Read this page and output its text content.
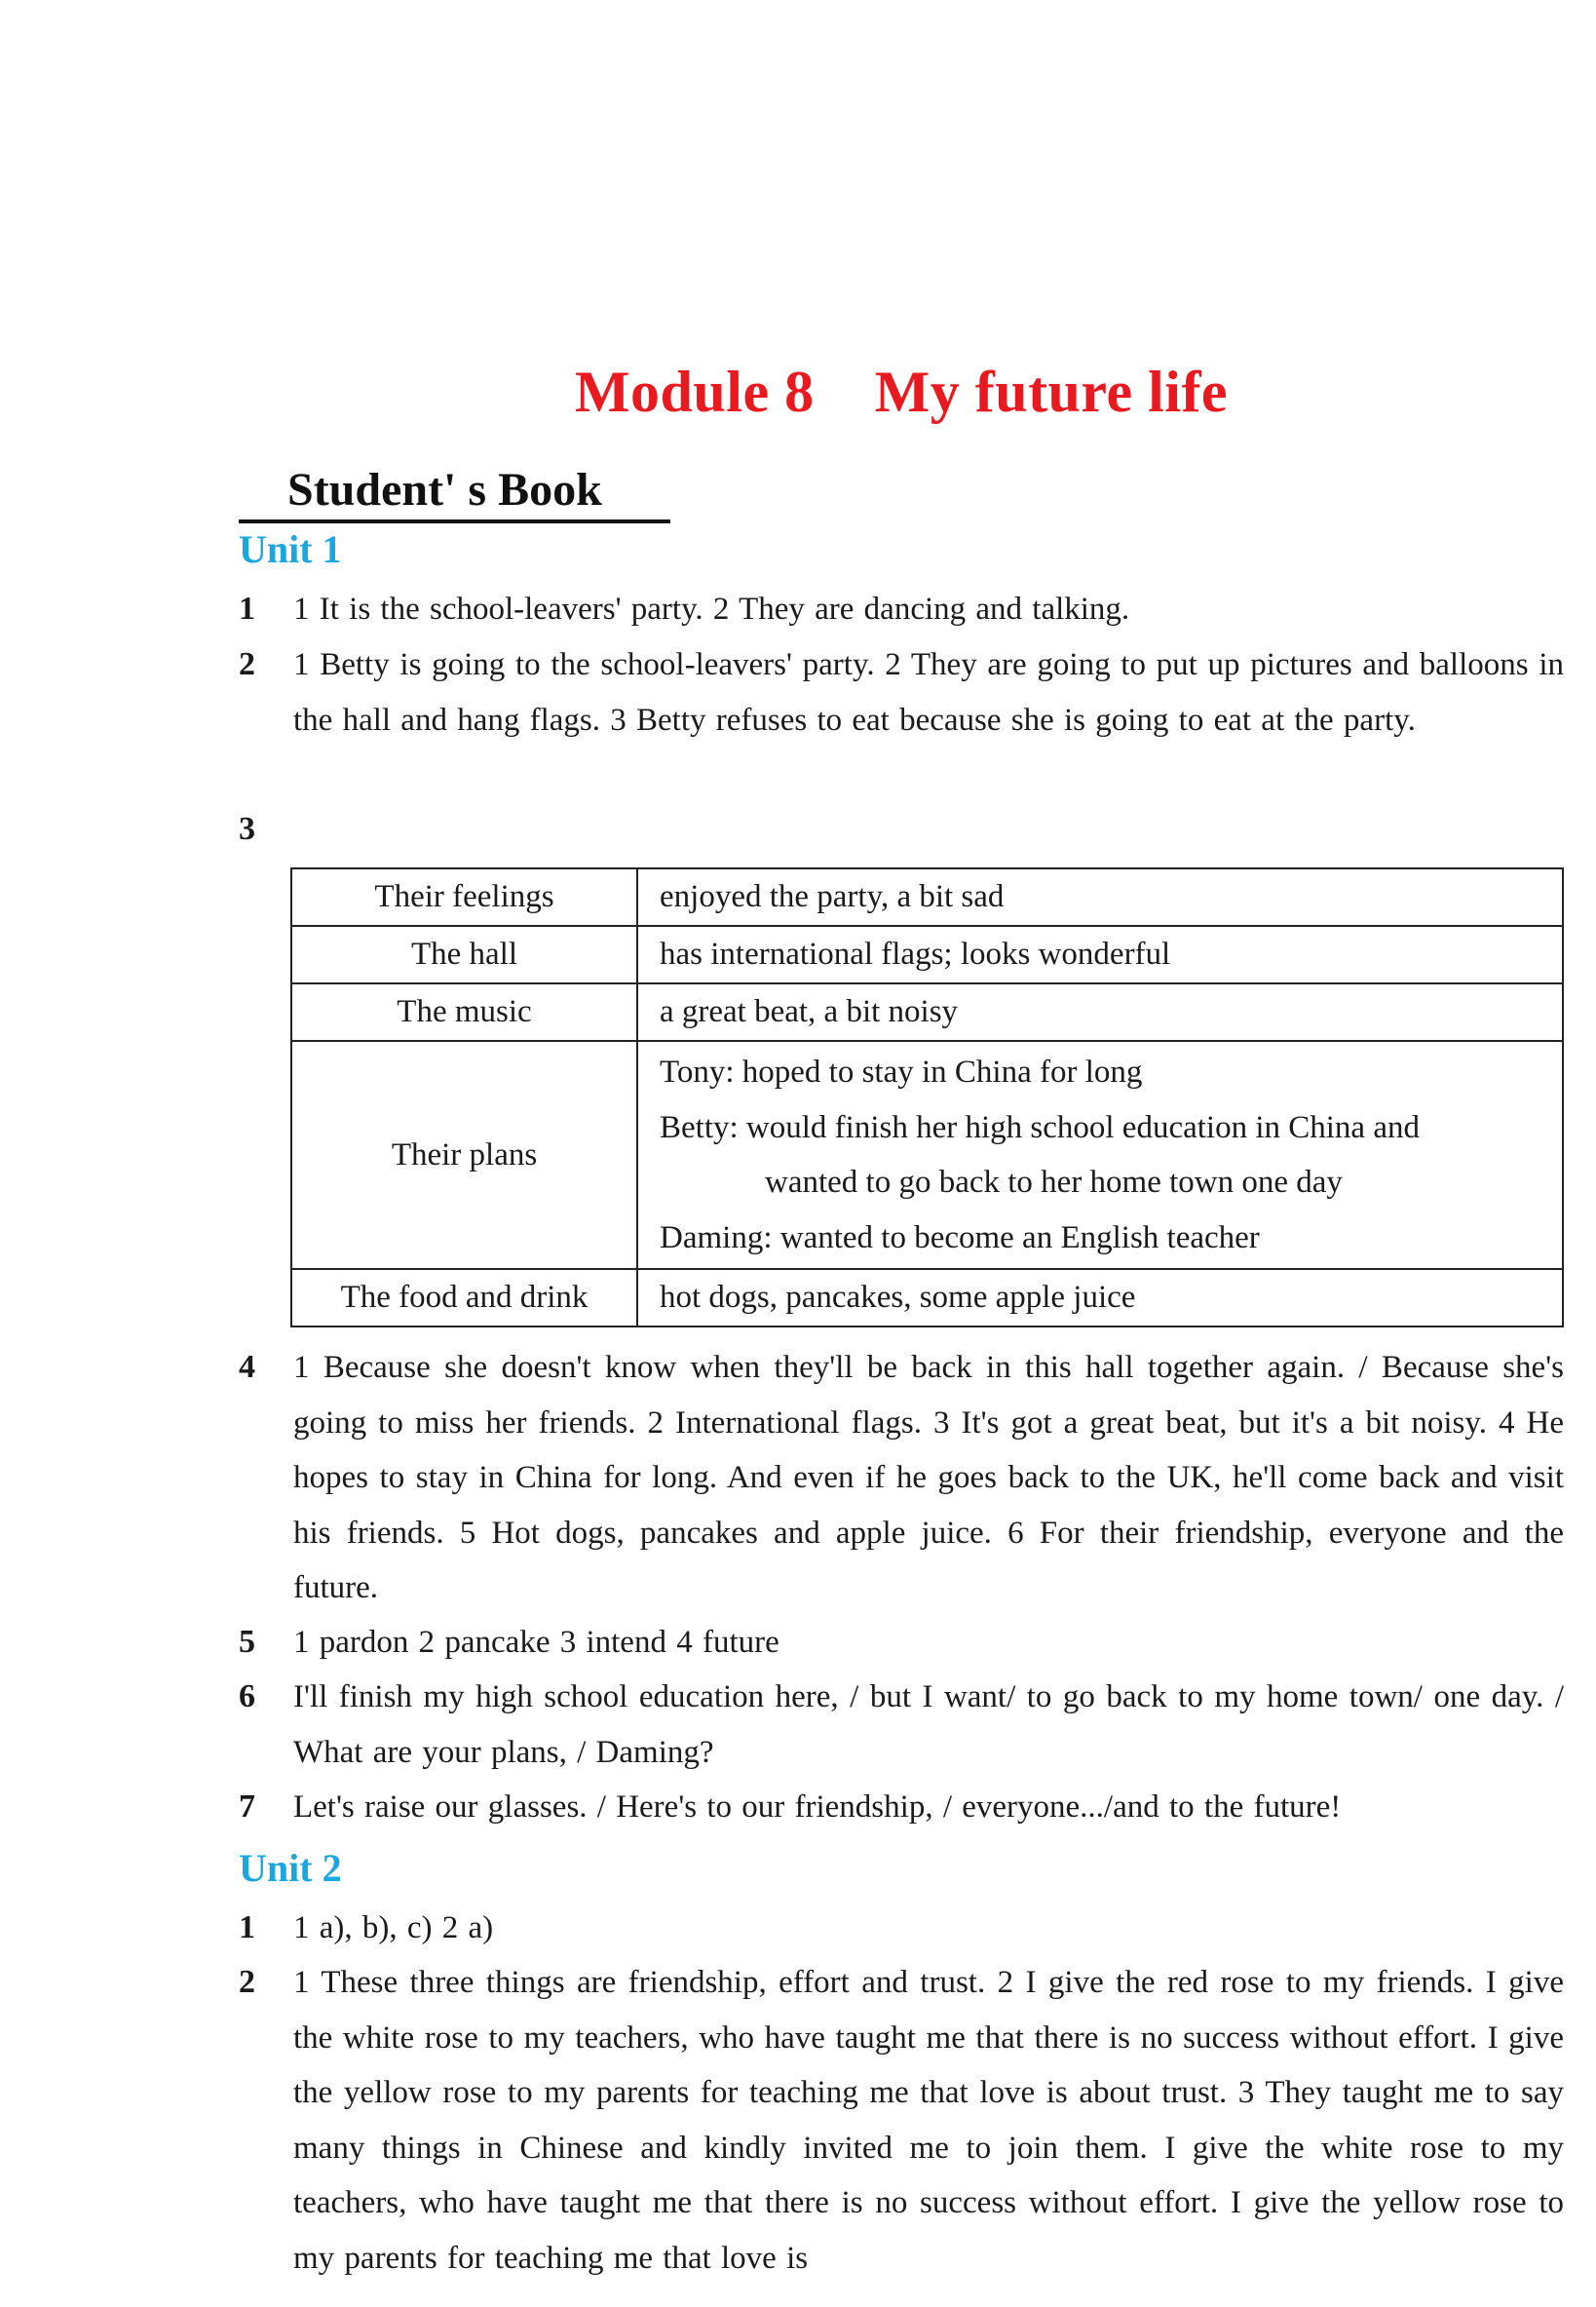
Module 8    My future life
Student' s Book
Unit 1
1 1 It is the school-leavers' party. 2 They are dancing and talking.
2 1 Betty is going to the school-leavers' party. 2 They are going to put up pictures and balloons in the hall and hang flags. 3 Betty refuses to eat because she is going to eat at the party.
3
Their feelings	enjoyed the party, a bit sad
The hall	has international flags; looks wonderful
The music	a great beat, a bit noisy
Their plans	Tony: hoped to stay in China for long
Betty: would finish her high school education in China and
wanted to go back to her home town one day
Daming: wanted to become an English teacher

The food and drink	hot dogs, pancakes, some apple juice
4 1 Because she doesn't know when they'll be back in this hall together again. / Because she's going to miss her friends. 2 International flags. 3 It's got a great beat, but it's a bit noisy. 4 He hopes to stay in China for long. And even if he goes back to the UK, he'll come back and visit his friends. 5 Hot dogs, pancakes and apple juice. 6 For their friendship, everyone and the future.
5 1 pardon 2 pancake 3 intend 4 future
6 I'll finish my high school education here, / but I want/ to go back to my home town/ one day. / What are your plans, / Daming?
7 Let's raise our glasses. / Here's to our friendship, / everyone.../and to the future!
Unit 2
1 1 a), b), c) 2 a)
2 1 These three things are friendship, effort and trust. 2 I give the red rose to my friends. I give the white rose to my teachers, who have taught me that there is no success without effort. I give the yellow rose to my parents for teaching me that love is about trust. 3 They taught me to say many things in Chinese and kindly invited me to join them. I give the white rose to my teachers, who have taught me that there is no success without effort. I give the yellow rose to my parents for teaching me that love is
